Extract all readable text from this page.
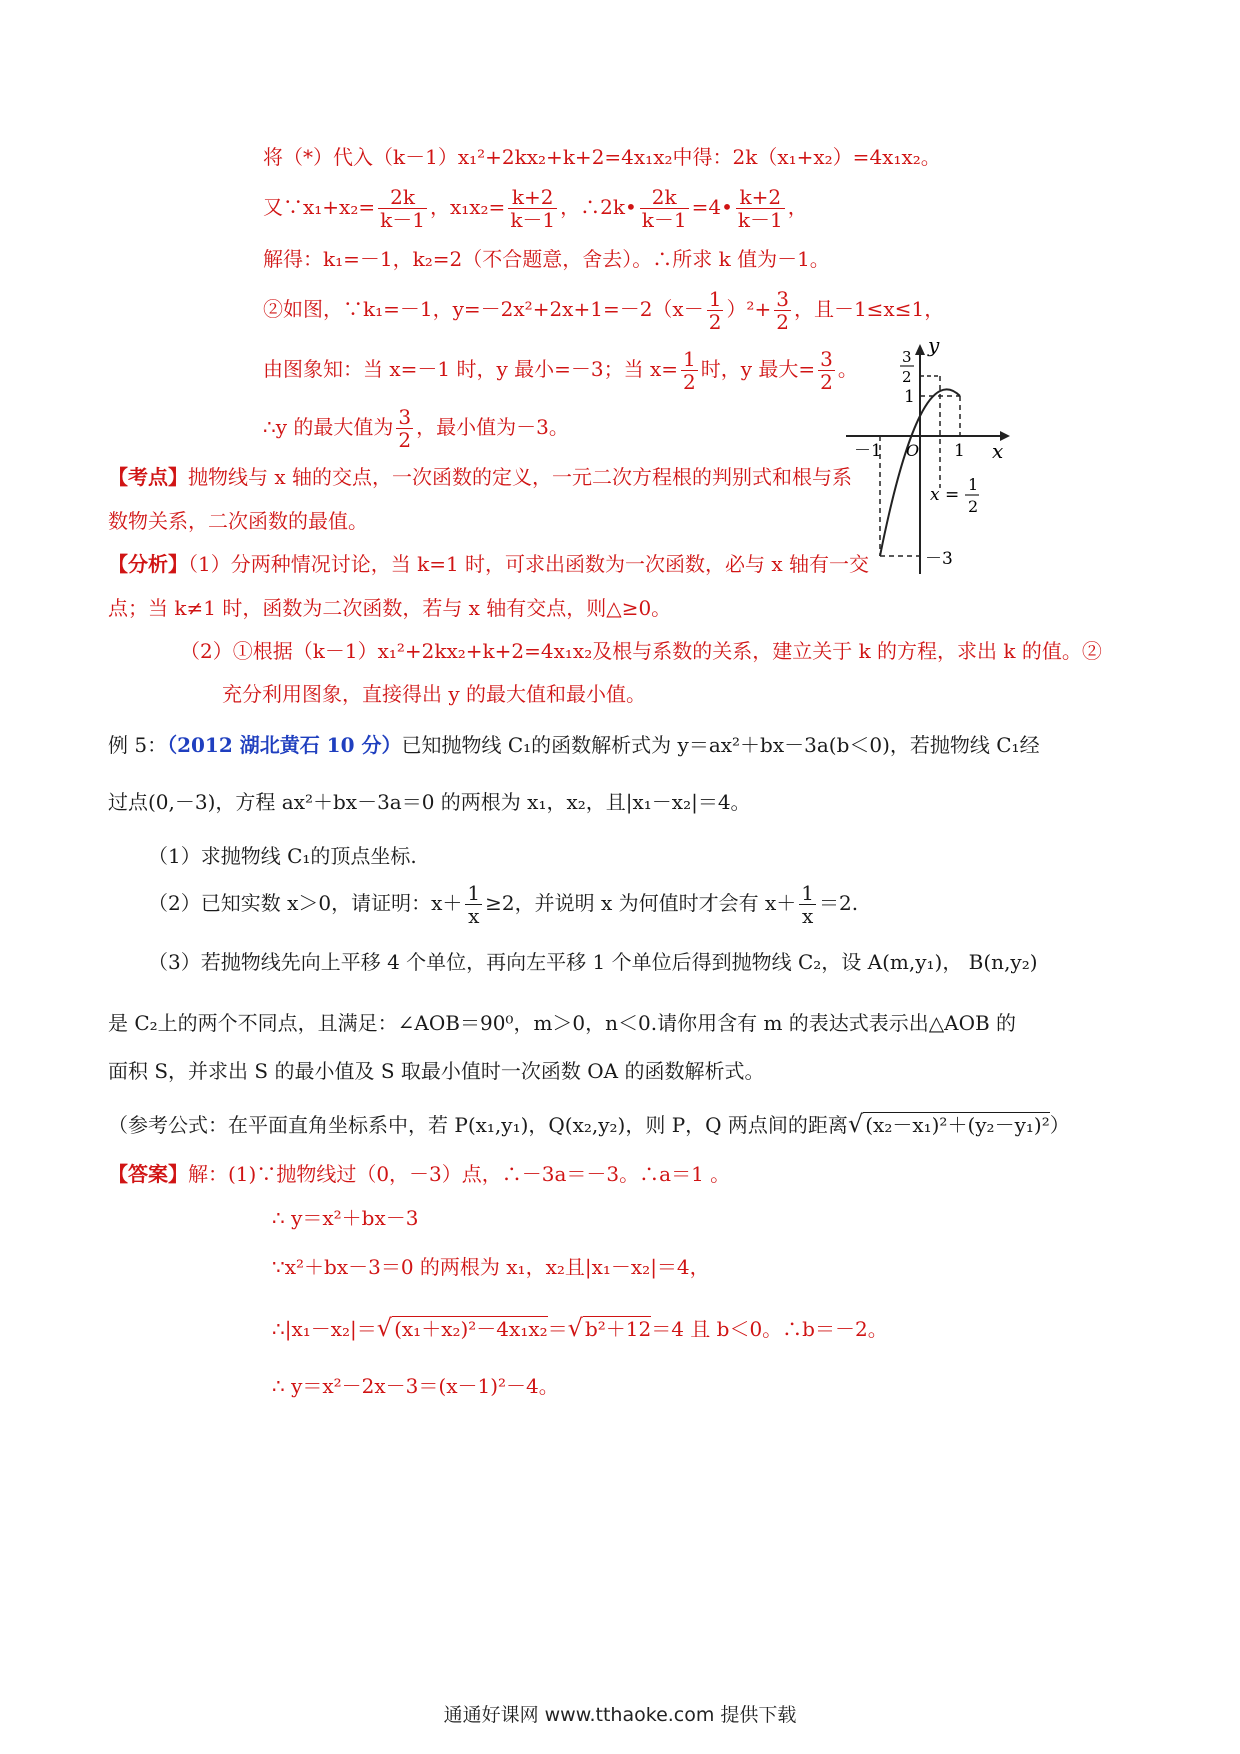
将（*）代入（k－1）x₁²+2kx₂+k+2=4x₁x₂中得：2k（x₁+x₂）=4x₁x₂。
又∵x₁+x₂= $\frac{2k}{k-1}$ ，$x_1x_2= \frac{k+2}{k-1}$ ，∴2k• $\frac{2k}{k-1}$ =4• $\frac{k+2}{k-1}$ ，
解得：k₁=－1，k₂=2（不合题意，舍去）。∴所求 k 值为－1。
②如图，∵k₁=－1，$y=-2x^2+2x+1=-2(x- \frac{1}{2} )^2+ \frac{3}{2}$ ，且－1≤x≤1，
由图象知：当 x=－1 时，y 最小=－3；当 $x= \frac{1}{2}$ 时，y 最大= $\frac{3}{2}$ 。
∴y 的最大值为 $\frac{3}{2}$ ，最小值为－3。
【考点】抛物线与 x 轴的交点，一次函数的定义，一元二次方程根的判别式和根与系
数物关系，二次函数的最值。
【分析】（1）分两种情况讨论，当 k=1 时，可求出函数为一次函数，必与 x 轴有一交
点；当 k≠1 时，函数为二次函数，若与 x 轴有交点，则△≥0。
（2）①根据（k－1）x₁²+2kx₂+k+2=4x₁x₂及根与系数的关系，建立关于 k 的方程，求出 k 的值。②
充分利用图象，直接得出 y 的最大值和最小值。
y
x
O
－1	1
1
－3
3
2
x =
1
2
例 5：（2012 湖北黄石 10 分）已知抛物线 C₁的函数解析式为 y＝ax²＋bx－3a(b＜0)，若抛物线 C₁经
过点(0,－3)，方程 ax²＋bx－3a＝0 的两根为 x₁，x₂，且|x₁－x₂|＝4。
（1）求抛物线 C₁的顶点坐标.
（2）已知实数 x＞0，请证明：$x+ \frac{1}{x} \ge 2$，并说明 x 为何值时才会有 $x+ \frac{1}{x} =2$.
（3）若抛物线先向上平移 4 个单位，再向左平移 1 个单位后得到抛物线 C₂，设 A(m,y₁)， B(n,y₂)
是 C₂上的两个不同点，且满足：∠AOB＝90⁰，m＞0，n＜0.请你用含有 m 的表达式表示出△AOB 的
面积 S，并求出 S 的最小值及 S 取最小值时一次函数 OA 的函数解析式。
（参考公式：在平面直角坐标系中，若 P(x₁,y₁)，Q(x₂,y₂)，则 P，Q 两点间的距离√ (x₂－x₁)²＋(y₂－y₁)²）
【答案】解：(1)∵抛物线过（0，－3）点，∴－3a＝－3。∴a＝1 。
∴ y＝x²＋bx－3
∵x²＋bx－3＝0 的两根为 x₁，x₂且|x₁－x₂|＝4，
∴|x₁－x₂|＝√ (x₁＋x₂)²－4x₁x₂＝√ b²＋12＝4 且 b＜0。∴b＝－2。
∴ y＝x²－2x－3＝(x－1)²－4。
通通好课网 www.tthaoke.com 提供下载
